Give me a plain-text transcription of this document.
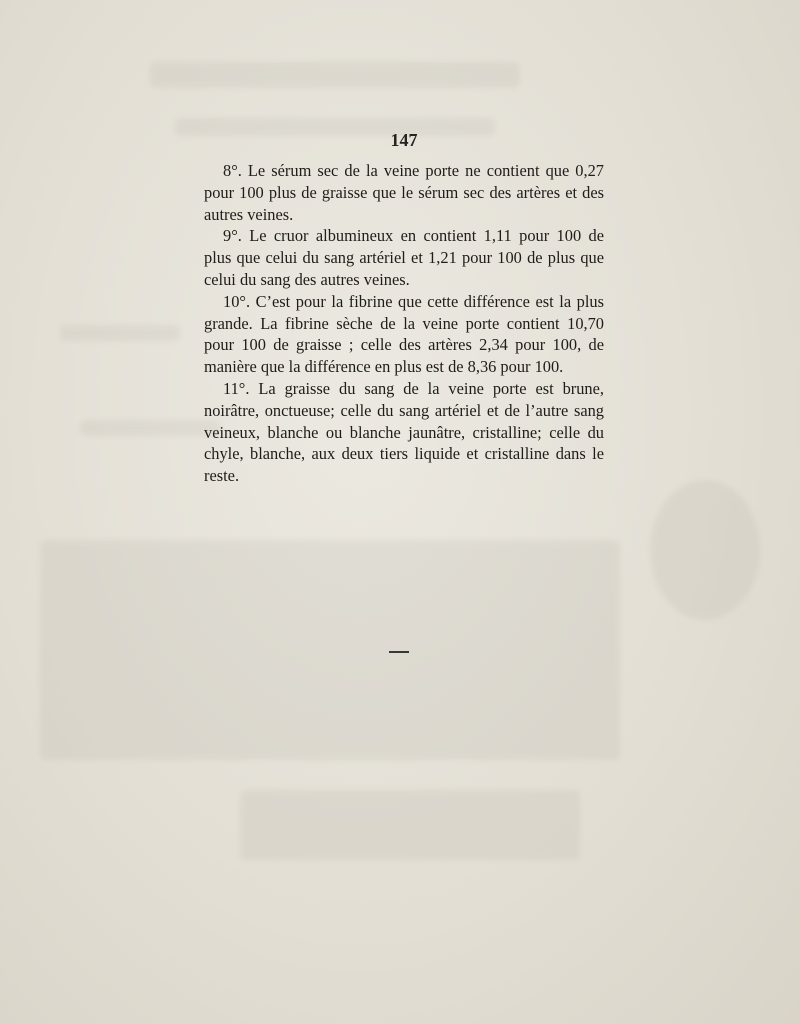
147

8°. Le sérum sec de la veine porte ne contient que 0,27 pour 100 plus de graisse que le sérum sec des artères et des autres veines.

9°. Le cruor albumineux en contient 1,11 pour 100 de plus que celui du sang artériel et 1,21 pour 100 de plus que celui du sang des autres veines.

10°. C’est pour la fibrine que cette différence est la plus grande. La fibrine sèche de la veine porte contient 10,70 pour 100 de graisse ; celle des artères 2,34 pour 100, de manière que la différence en plus est de 8,36 pour 100.

11°. La graisse du sang de la veine porte est brune, noirâtre, onctueuse; celle du sang artériel et de l’autre sang veineux, blanche ou blanche jaunâtre, cristalline; celle du chyle, blanche, aux deux tiers liquide et cristalline dans le reste.
